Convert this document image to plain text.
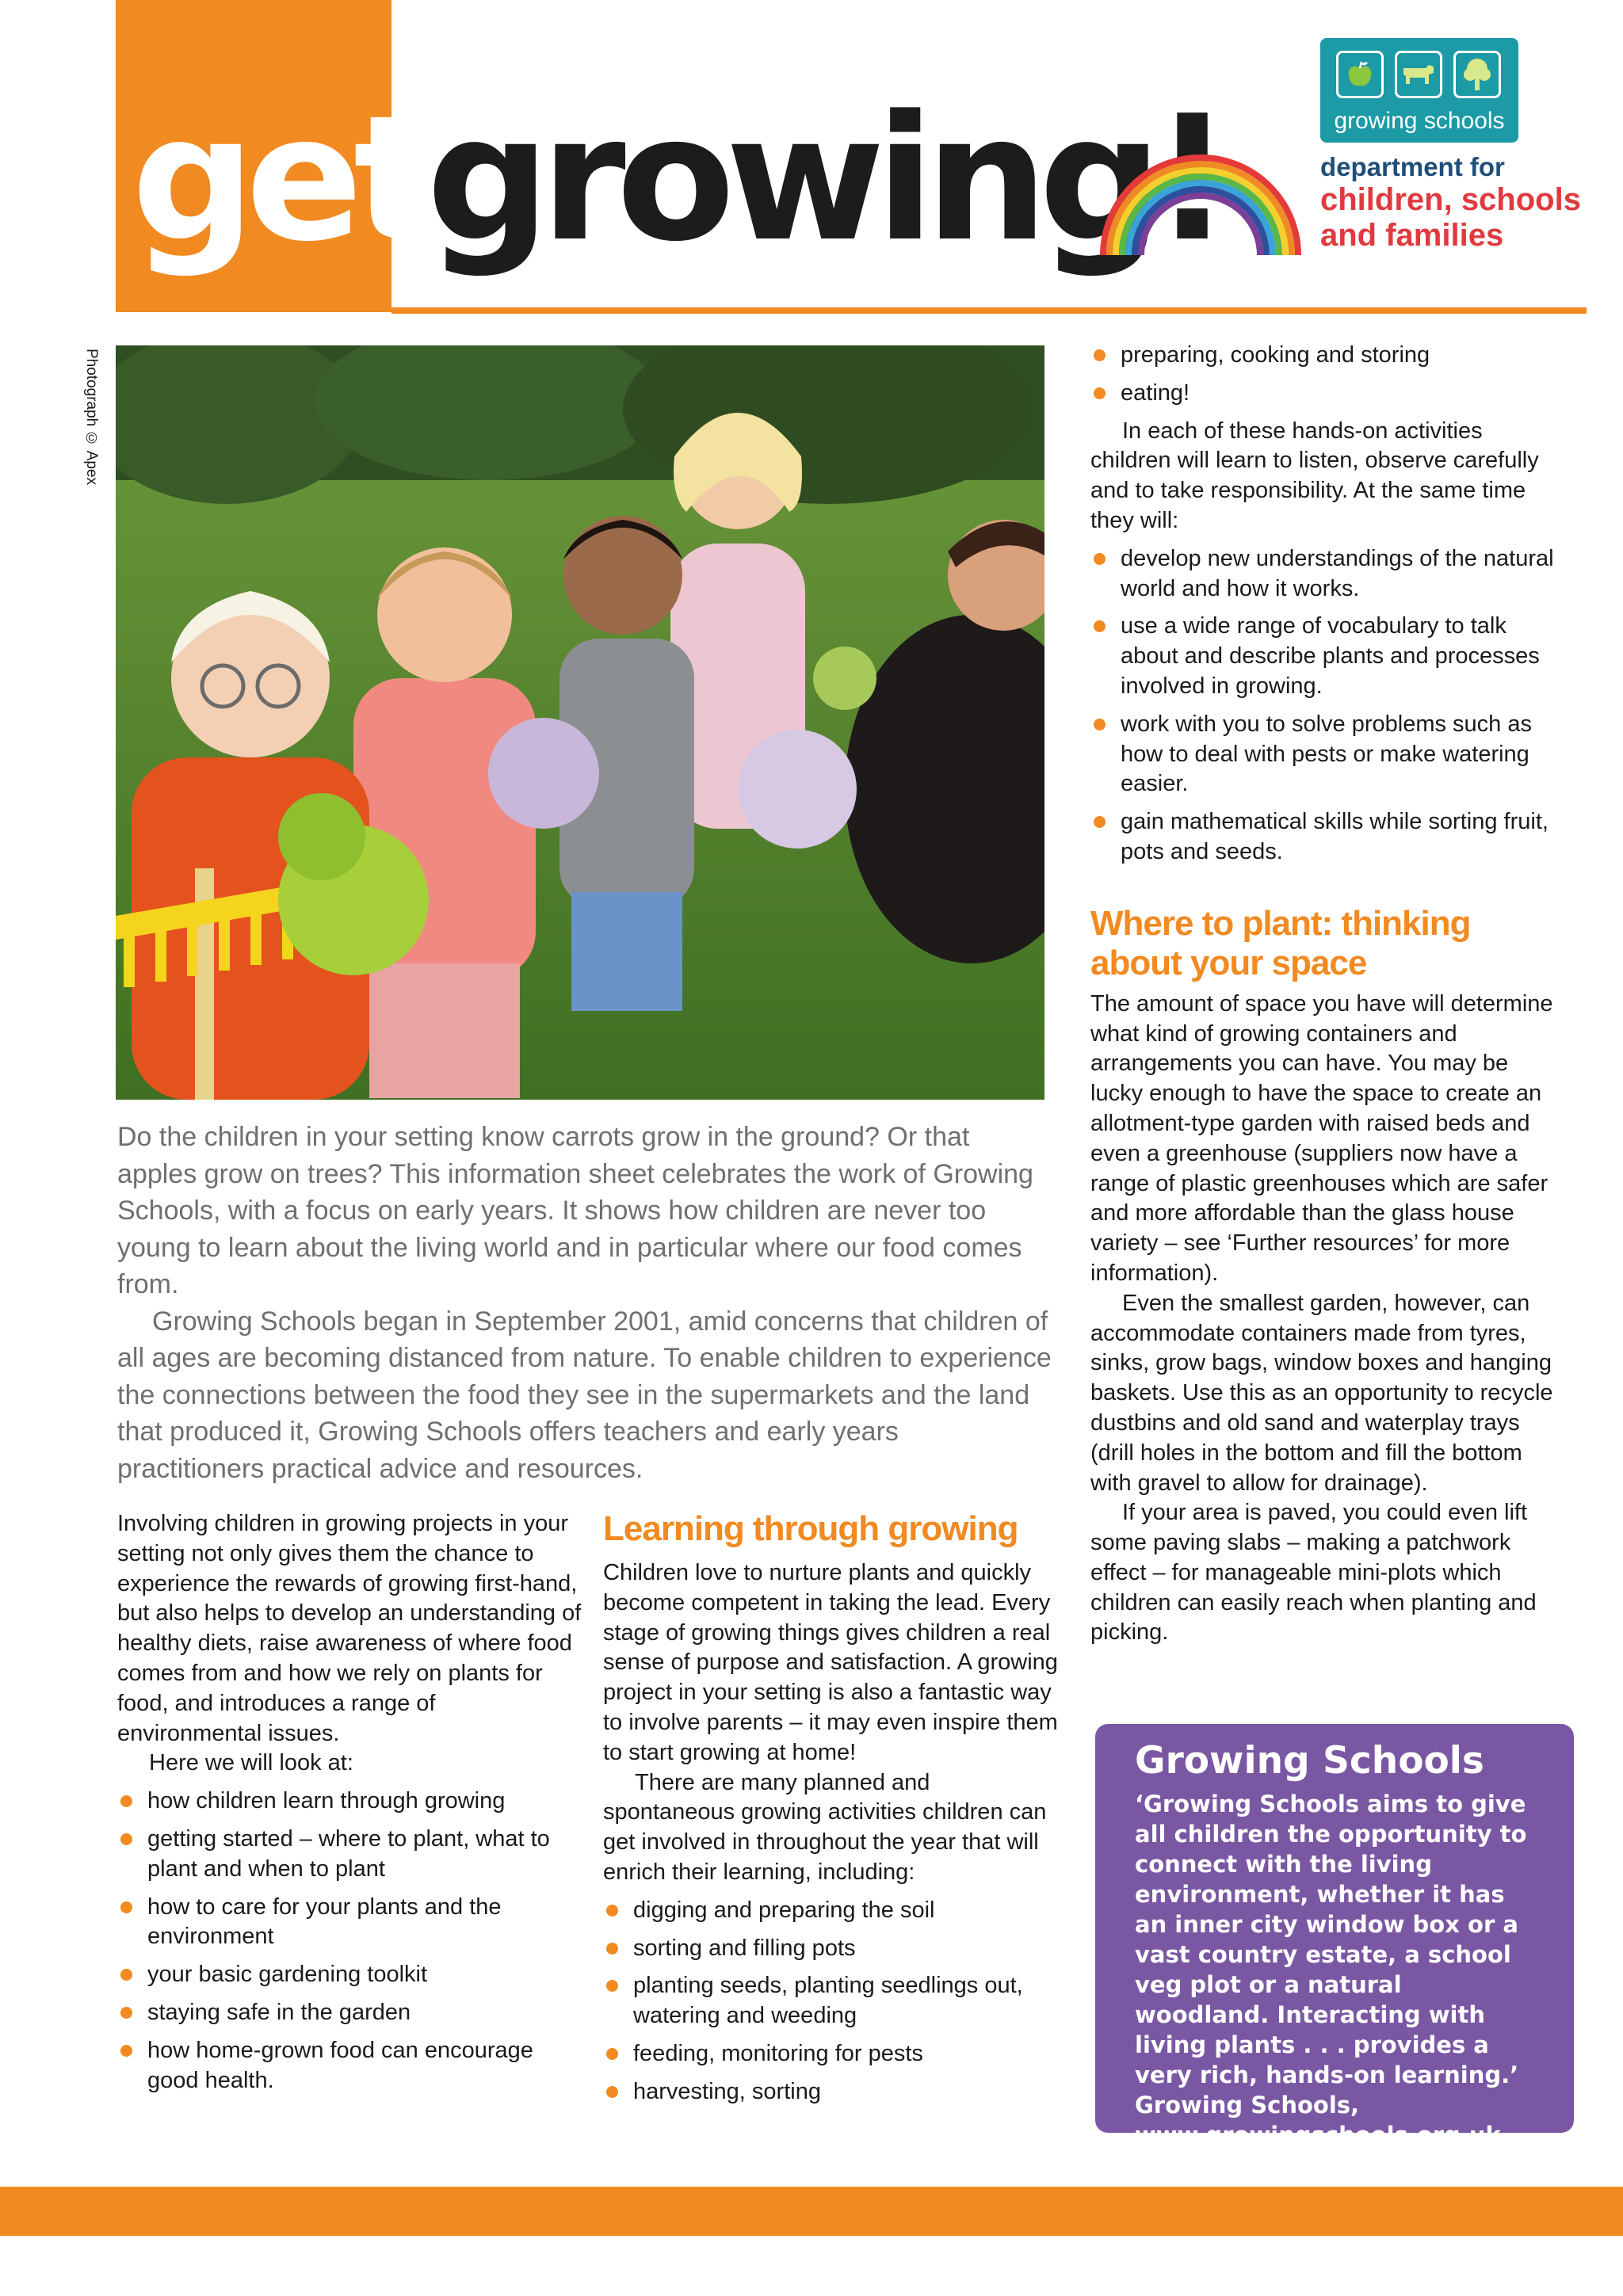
getgrowing!	growing schools
department for
children, schools
and families
Photograph © Apex

Do the children in your setting know carrots grow in the ground? Or that apples grow on trees? This information sheet celebrates the work of Growing Schools, with a focus on early years. It shows how children are never too young to learn about the living world and in particular where our food comes from.

Growing Schools began in September 2001, amid concerns that children of all ages are becoming distanced from nature. To enable children to experience the connections between the food they see in the supermarkets and the land that produced it, Growing Schools offers teachers and early years practitioners practical advice and resources.

Involving children in growing projects in your setting not only gives them the chance to experience the rewards of growing first-hand, but also helps to develop an understanding of healthy diets, raise awareness of where food comes from and how we rely on plants for food, and introduces a range of environmental issues.

Here we will look at:

how children learn through growing
getting started – where to plant, what to plant and when to plant
how to care for your plants and the environment
your basic gardening toolkit
staying safe in the garden
how home-grown food can encourage good health.
Learning through growing

Children love to nurture plants and quickly become competent in taking the lead. Every stage of growing things gives children a real sense of purpose and satisfaction. A growing project in your setting is also a fantastic way to involve parents – it may even inspire them to start growing at home!

There are many planned and spontaneous growing activities children can get involved in throughout the year that will enrich their learning, including:

digging and preparing the soil
sorting and filling pots
planting seeds, planting seedlings out, watering and weeding
feeding, monitoring for pests
harvesting, sorting
preparing, cooking and storing
eating!

In each of these hands-on activities children will learn to listen, observe carefully and to take responsibility. At the same time they will:

develop new understandings of the natural world and how it works.
use a wide range of vocabulary to talk about and describe plants and processes involved in growing.
work with you to solve problems such as how to deal with pests or make watering easier.
gain mathematical skills while sorting fruit, pots and seeds.
Where to plant: thinking about your space

The amount of space you have will determine what kind of growing containers and arrangements you can have. You may be lucky enough to have the space to create an allotment-type garden with raised beds and even a greenhouse (suppliers now have a range of plastic greenhouses which are safer and more affordable than the glass house variety – see ‘Further resources’ for more information).

Even the smallest garden, however, can accommodate containers made from tyres, sinks, grow bags, window boxes and hanging baskets. Use this as an opportunity to recycle dustbins and old sand and waterplay trays (drill holes in the bottom and fill the bottom with gravel to allow for drainage).

If your area is paved, you could even lift some paving slabs – making a patchwork effect – for manageable mini-plots which children can easily reach when planting and picking.

Growing Schools
‘Growing Schools aims to give all children the opportunity to connect with the living environment, whether it has an inner city window box or a vast country estate, a school veg plot or a natural woodland. Interacting with living plants . . . provides a very rich, hands-on learning.’ Growing Schools, www.growingschools.org.uk
